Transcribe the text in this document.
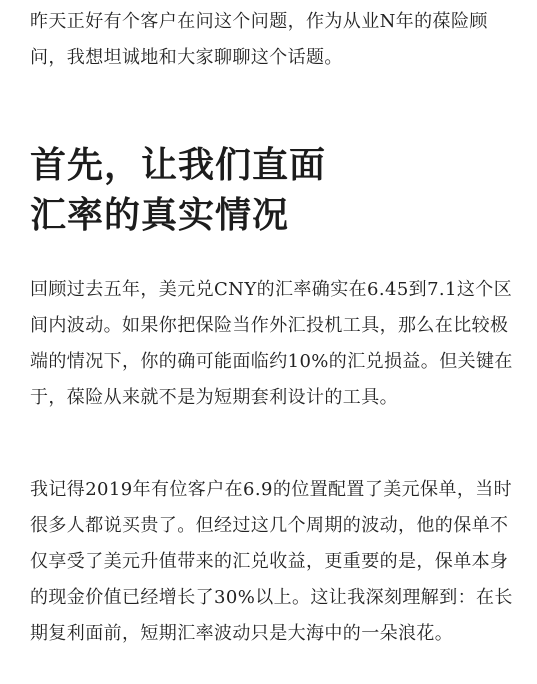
昨天正好有个客户在问这个问题，作为从业N年的葆险顾问，我想坦诚地和大家聊聊这个话题。

首先，让我们直面
汇率的真实情况

回顾过去五年，美元兑CNY的汇率确实在6.45到7.1这个区间内波动。如果你把保险当作外汇投机工具，那么在比较极端的情况下，你的确可能面临约10%的汇兑损益。但关键在于，葆险从来就不是为短期套利设计的工具。

我记得2019年有位客户在6.9的位置配置了美元保单，当时很多人都说买贵了。但经过这几个周期的波动，他的保单不仅享受了美元升值带来的汇兑收益，更重要的是，保单本身的现金价值已经增长了30%以上。这让我深刻理解到：在长期复利面前，短期汇率波动只是大海中的一朵浪花。
